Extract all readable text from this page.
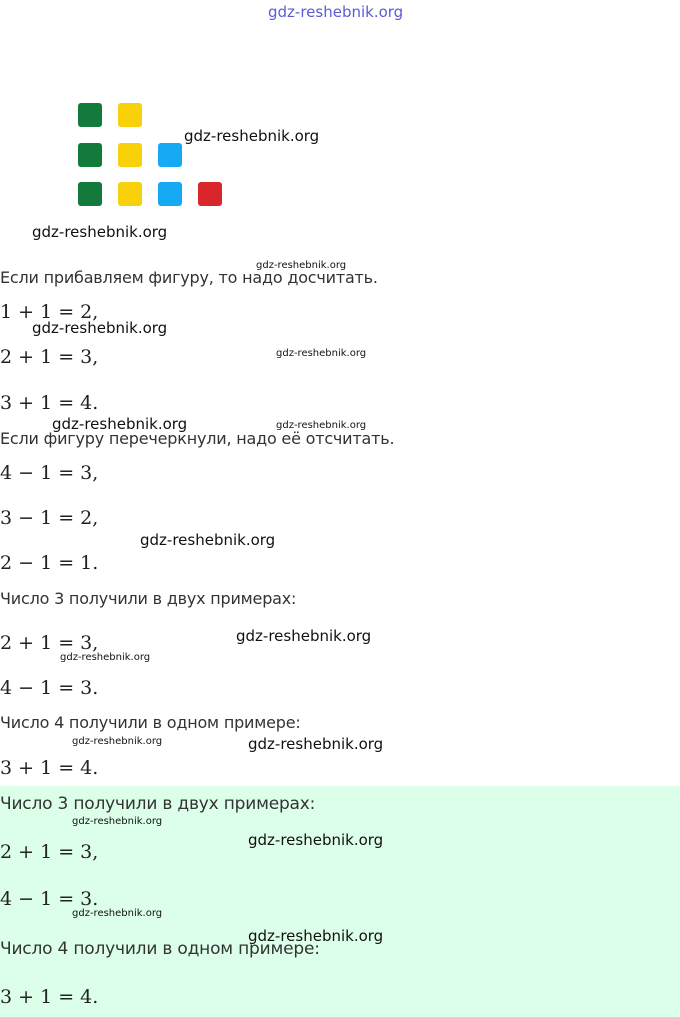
Если прибавляем фигуру, то надо досчитать.
1 + 1 = 2,
2 + 1 = 3,
3 + 1 = 4.
Если фигуру перечеркнули, надо её отсчитать.
4 − 1 = 3,
3 − 1 = 2,
2 − 1 = 1.
Число 3 получили в двух примерах:
2 + 1 = 3,
4 − 1 = 3.
Число 4 получили в одном примере:
3 + 1 = 4.
Число 3 получили в двух примерах:
2 + 1 = 3,
4 − 1 = 3.
Число 4 получили в одном примере:
3 + 1 = 4.
gdz-reshebnik.org
gdz-reshebnik.org
gdz-reshebnik.org
gdz-reshebnik.org
gdz-reshebnik.org
gdz-reshebnik.org
gdz-reshebnik.org	gdz-reshebnik.org
gdz-reshebnik.org
gdz-reshebnik.org
gdz-reshebnik.org
gdz-reshebnik.org	gdz-reshebnik.org
gdz-reshebnik.org
gdz-reshebnik.org
gdz-reshebnik.org
gdz-reshebnik.org
